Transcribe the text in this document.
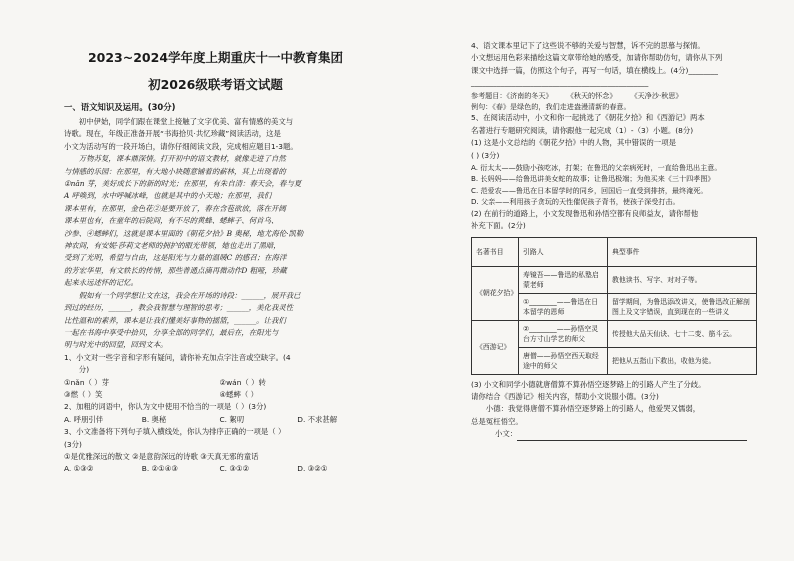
2023~2024学年度上期重庆十一中教育集团
初2026级联考语文试题
一、语文知识及运用。(30分)

初中伊始，同学们跟在课堂上接触了文字优美、富有情感的美文与

诗歌。现在，年级正准备开展“书海拾贝·共忆珍藏”阅读活动，这是

小文为活动写的一段开场白，请你仔细阅读文段，完成相应题目1-3题。

万物苏复，课本鼎深情。打开初中的语文教材，就像走进了自然

与情感的乐园：在那里，有大地小块随意铺着的薪林，其上出现着的

①nǎn 芽，美好成长下的新的时光；在那里，有朱自清：春天会，春与夏

A 呼唤到，水中呼喊冰峰，也就是其中的小天地；在那里，我们

课本里有，在那里，金色花②是要开放了，春在含苞欲放，落在开阔

课本里也有，在童年的后院间，有不尽的黄蜂、蟋蟀子、何首乌、

沙参、④蟋蟀们，这就是课本里面的《朝花夕拾》B 奥秘，地尤海伦·凯勒

神农间，有安妮·莎莉文老师的拥护的眼光带领，她也走出了黑暗，

受到了光明，希望与自由，这是阳光与力量的温暖C 的感召；在海洋

的芳宏华里，有文轶长的传情，那些普通点滴再微动作D 粗哑，珍藏

起来永远述怀的记忆。

假如有一个同学想让文在这，我会在开场的诗段：______，展开我已

到过的经历，______，教会我智慧与理智的思考；______，美化我灵性

比性温和的素养，课本是让我们懂美好事物的摇篮，______。让我们

一起在书海中享受中拾贝，分享全部的同学们，最后在，在阳光与

明与时光中的回望，回到文本。

1、小文对一些字音和字形有疑问，请你补充加点字注音或空缺字。(4

分)

①nǎn（ ）芽	②wán（ ）转
③燃（ ）笑	④蟋蟀（ ）

2、加粗的词语中，你认为文中使用不恰当的一项是（ ）(3分)

A. 呼朋引伴	B. 奥秘	C. 絮叨	D. 不求甚解

3、小文准备将下列句子填入横线处，你认为排序正确的一项是（ ）

(3分)

①是优雅深远的散文 ②是意韵深远的诗歌 ③天真无邪的童话

A. ①③②	B. ②①④③	C. ③①②	D. ③②①

4、语文课本里记下了这些说不够的关爱与智慧，诉不完的思慕与探情。

小文想运用色彩来描绘这篇文章带给她的感受，加请你帮助仿句，请你从下列

课文中选择一篇，仿照这个句子，再写一句话，填在横线上。(4分)________

________________________________________________

参考题目：《济南的冬天》　　　《秋天的怀念》　　　《天净沙·秋思》

例句：《春》是绿色的，我们走进盎漫清新的春意。

5、在阅读活动中，小文和你一起挑选了《朝花夕拾》和《西游记》两本

名著进行专题研究阅读，请你跟他一起完成（1）-（3）小题。(8分)

(1) 这是小文总结的《朝花夕拾》中的人物，其中错误的一项是

( ) (3分)

A. 衍太太——鼓励小孩吃冰，打架；在鲁迅的父亲病死时，一直给鲁迅出主意。

B. 长妈妈——给鲁迅讲美女蛇的故事；让鲁迅极端；为他买来《三十四孝图》

C. 范爱农——鲁迅在日本留学时的同乡，回国后一直受到排挤，最终淹死。

D. 父亲——利用孩子贪玩的天性催促孩子背书，使孩子深受打击。

(2) 在前行的道路上，小文发现鲁迅和孙悟空都有良师益友，请你帮他

补充下面。(2分)

名著书目	引路人	典型事件
《朝花夕拾》	寿镜吾——鲁迅的私塾启蒙老师	教他读书、写字、对对子等。
	①________——鲁迅在日本留学的恩师	留学期间，为鲁迅添改讲义，使鲁迅改正解剖图上及文字错误，直到现在的一些讲义
《西游记》	②________——孙悟空灵台方寸山学艺的师父	传授他大品天仙诀、七十二变、筋斗云。
	唐僧——孙悟空西天取经途中的师父	把他从五指山下救出，收他为徒。

(3) 小文和同学小德就唐僧算不算孙悟空逐梦路上的引路人产生了分歧。

请你结合《西游记》相关内容，帮助小文说服小德。(3分)

小德：我觉得唐僧不算孙悟空逐梦路上的引路人，他爱哭又懦弱，

总是冤枉悟空。

小文：
